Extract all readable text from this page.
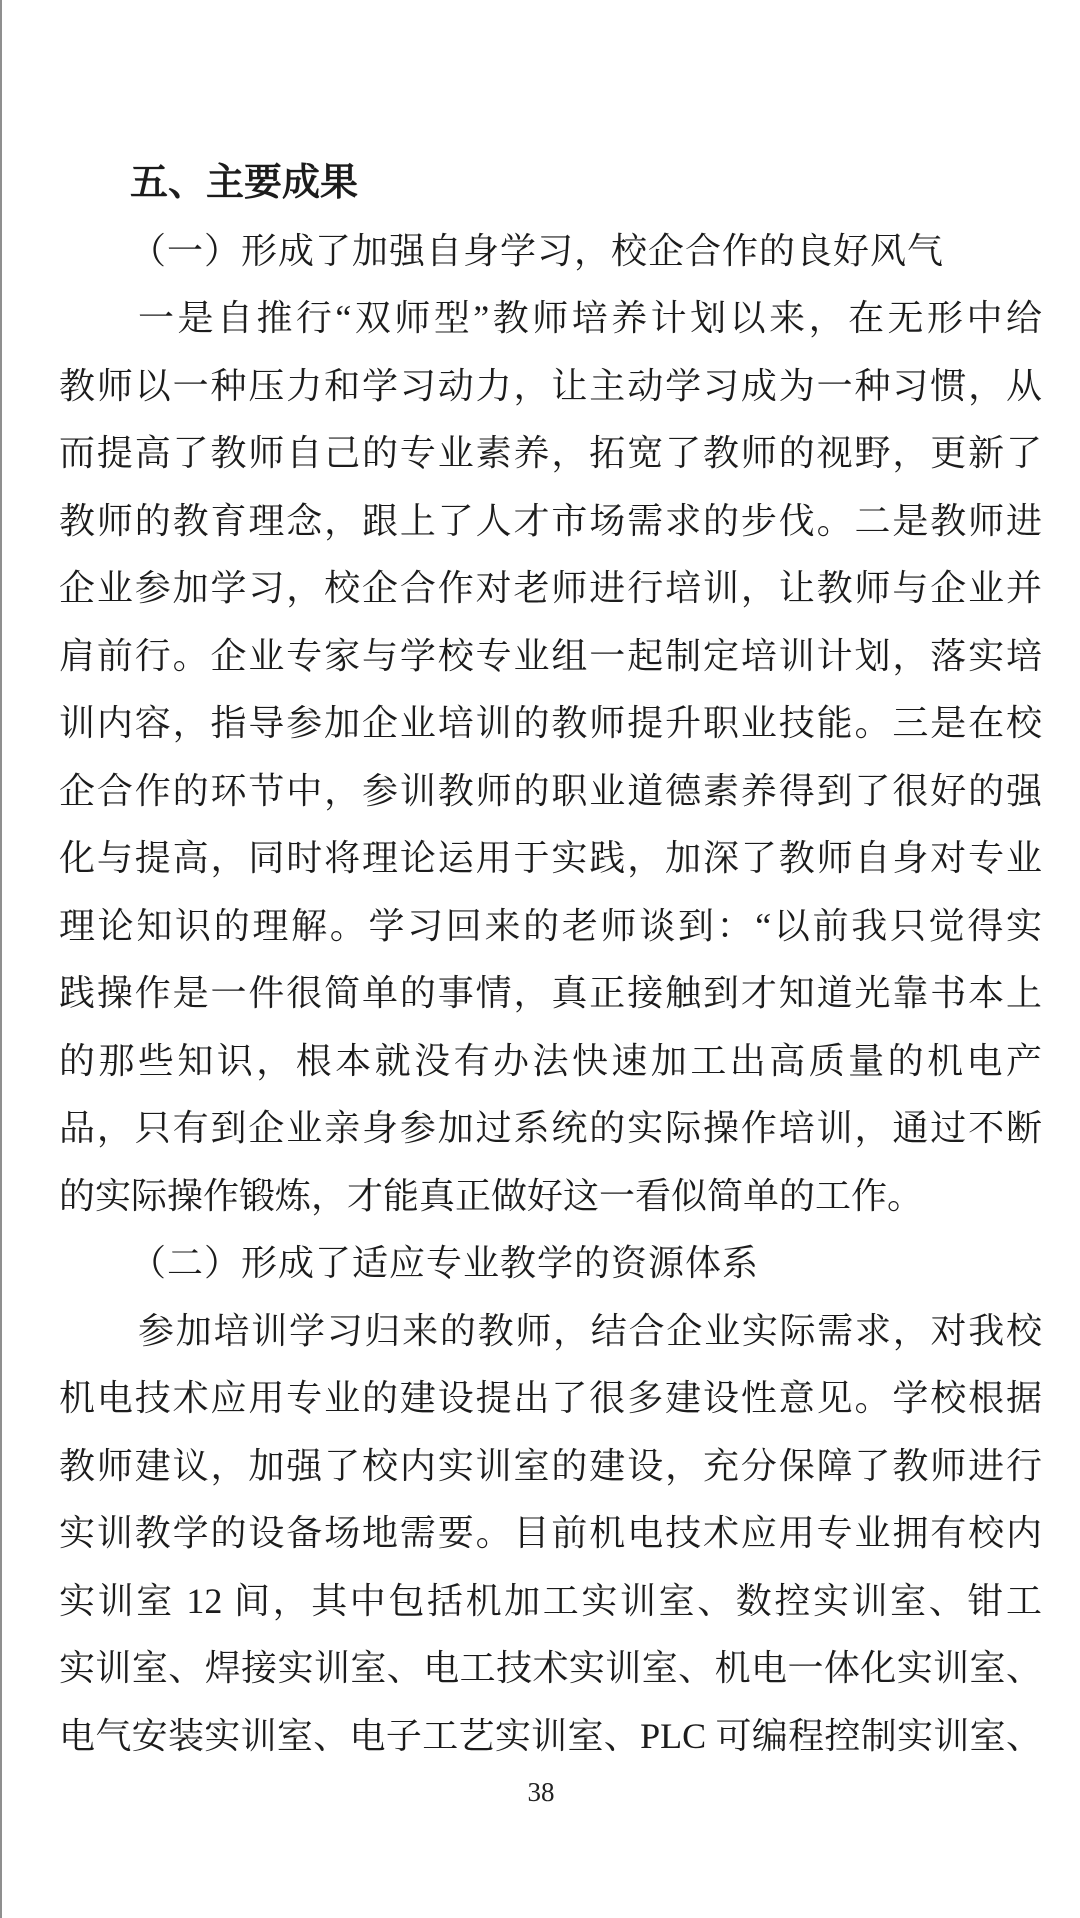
五、主要成果
（一）形成了加强自身学习，校企合作的良好风气
一是自推行“双师型”教师培养计划以来，在无形中给
教师以一种压力和学习动力，让主动学习成为一种习惯，从
而提高了教师自己的专业素养，拓宽了教师的视野，更新了
教师的教育理念，跟上了人才市场需求的步伐。二是教师进
企业参加学习，校企合作对老师进行培训，让教师与企业并
肩前行。企业专家与学校专业组一起制定培训计划，落实培
训内容，指导参加企业培训的教师提升职业技能。三是在校
企合作的环节中，参训教师的职业道德素养得到了很好的强
化与提高，同时将理论运用于实践，加深了教师自身对专业
理论知识的理解。学习回来的老师谈到：“以前我只觉得实
践操作是一件很简单的事情，真正接触到才知道光靠书本上
的那些知识，根本就没有办法快速加工出高质量的机电产
品，只有到企业亲身参加过系统的实际操作培训，通过不断
的实际操作锻炼，才能真正做好这一看似简单的工作。
（二）形成了适应专业教学的资源体系
参加培训学习归来的教师，结合企业实际需求，对我校
机电技术应用专业的建设提出了很多建设性意见。学校根据
教师建议，加强了校内实训室的建设，充分保障了教师进行
实训教学的设备场地需要。目前机电技术应用专业拥有校内
实训室 12 间，其中包括机加工实训室、数控实训室、钳工
实训室、焊接实训室、电工技术实训室、机电一体化实训室、
电气安装实训室、电子工艺实训室、PLC 可编程控制实训室、
38
